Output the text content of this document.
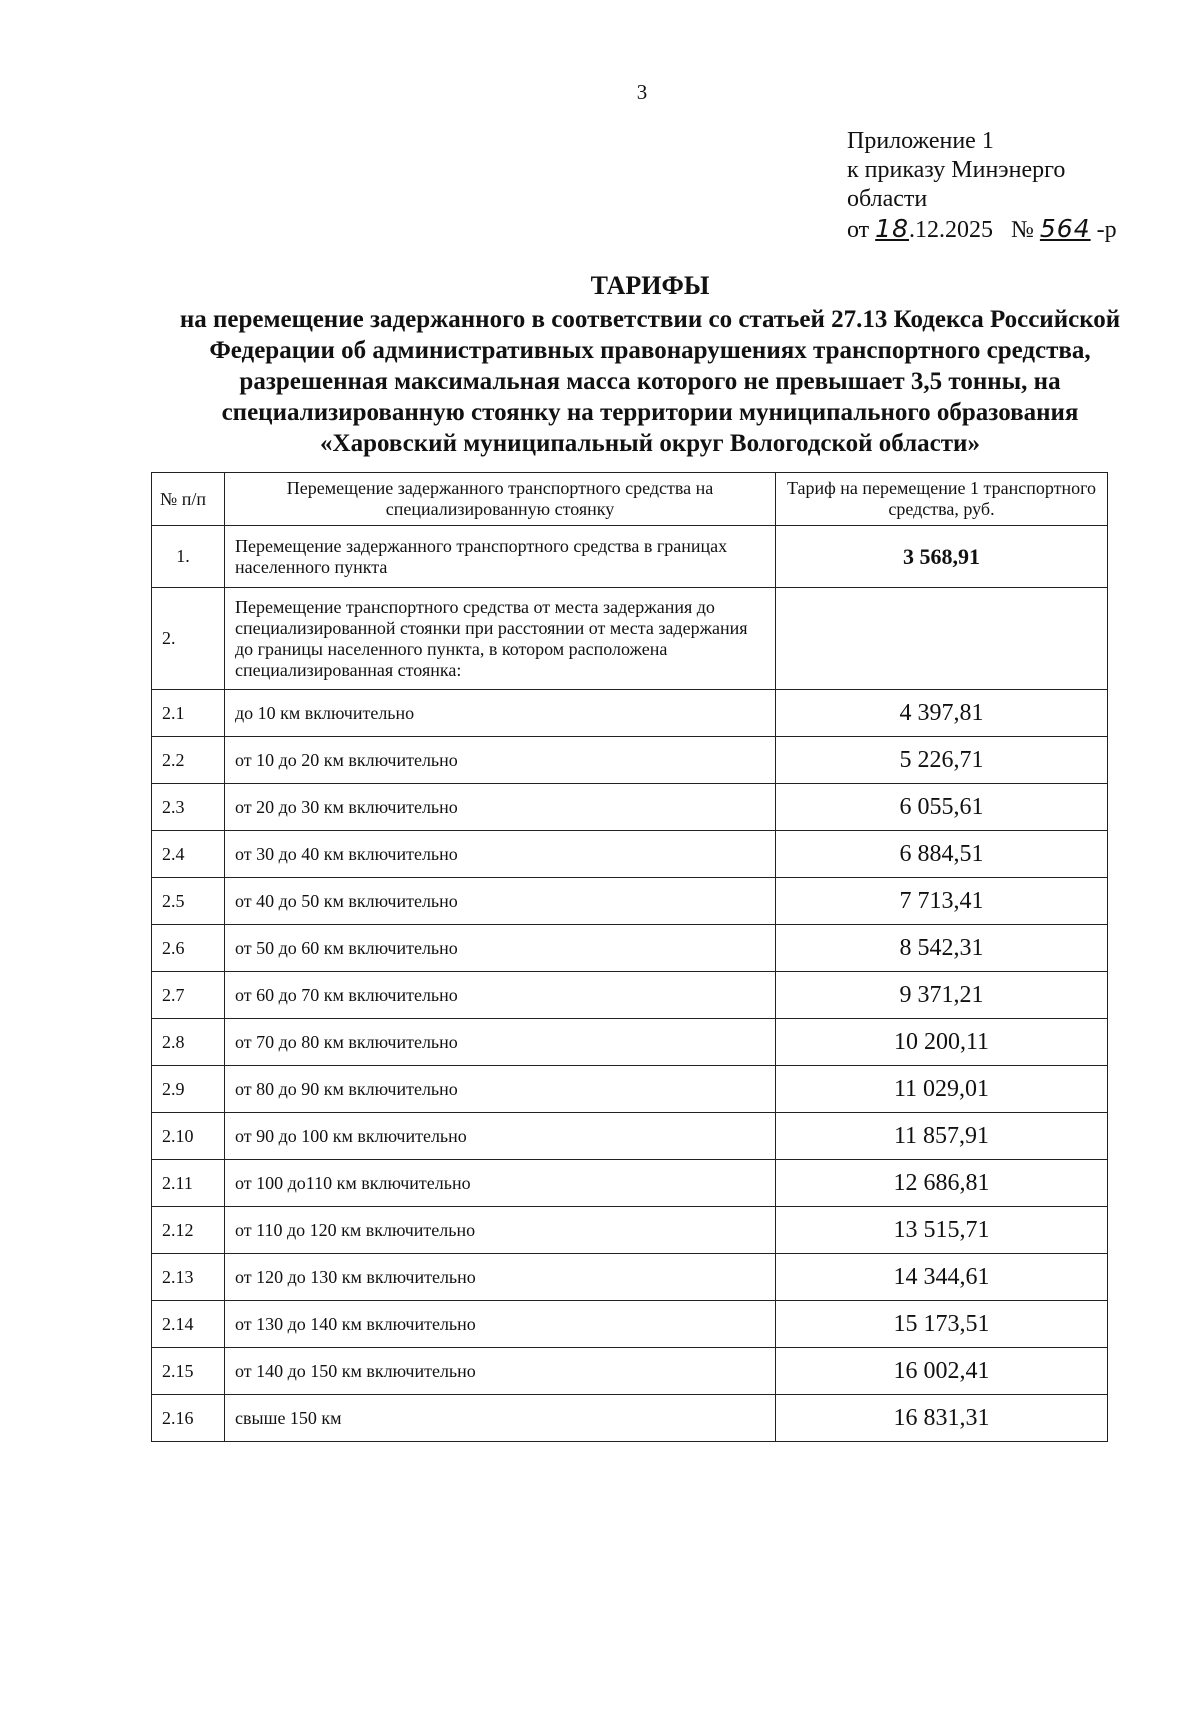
3
Приложение 1
к приказу Минэнерго
области
от 18.12.2025 № 564 -р
ТАРИФЫ
на перемещение задержанного в соответствии со статьей 27.13 Кодекса Российской
Федерации об административных правонарушениях транспортного средства,
разрешенная максимальная масса которого не превышает 3,5 тонны, на
специализированную стоянку на территории муниципального образования
«Харовский муниципальный округ Вологодской области»
№ п/п	Перемещение задержанного транспортного средства на специализированную стоянку	Тариф на перемещение 1 транспортного средства, руб.
1.	Перемещение задержанного транспортного средства в границах населенного пункта	3 568,91
2.	Перемещение транспортного средства от места задержания до специализированной стоянки при расстоянии от места задержания до границы населенного пункта, в котором расположена специализированная стоянка:	
2.1	до 10 км включительно	4 397,81
2.2	от 10 до 20 км включительно	5 226,71
2.3	от 20 до 30 км включительно	6 055,61
2.4	от 30 до 40 км включительно	6 884,51
2.5	от 40 до 50 км включительно	7 713,41
2.6	от 50 до 60 км включительно	8 542,31
2.7	от 60 до 70 км включительно	9 371,21
2.8	от 70 до 80 км включительно	10 200,11
2.9	от 80 до 90 км включительно	11 029,01
2.10	от 90 до 100 км включительно	11 857,91
2.11	от 100 до110 км включительно	12 686,81
2.12	от 110 до 120 км включительно	13 515,71
2.13	от 120 до 130 км включительно	14 344,61
2.14	от 130 до 140 км включительно	15 173,51
2.15	от 140 до 150 км включительно	16 002,41
2.16	свыше 150 км	16 831,31
